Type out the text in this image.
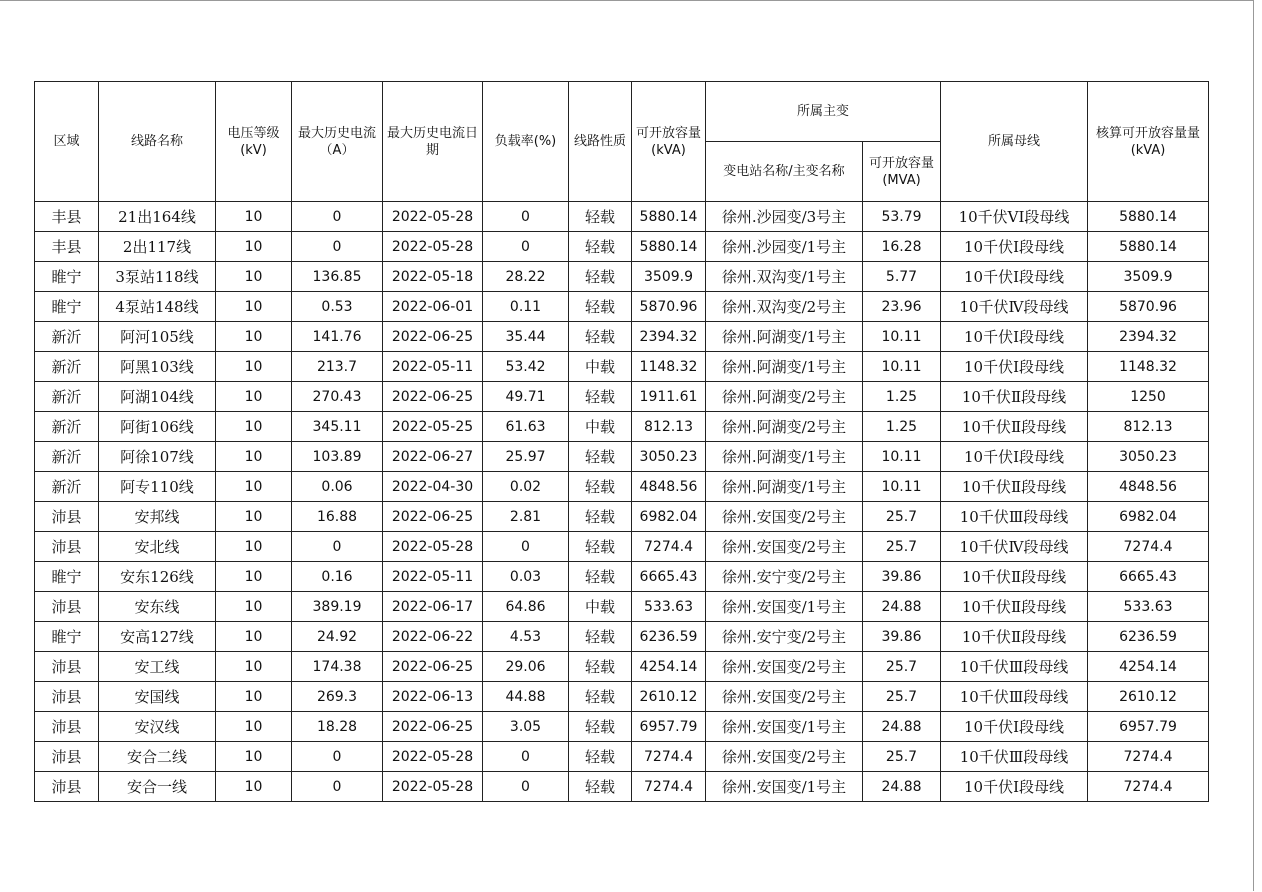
区域	线路名称	电压等级(kV)	最大历史电流（A）	最大历史电流日期	负载率(%)	线路性质	可开放容量(kVA)	所属主变		所属母线	核算可开放容量量(kVA)
								变电站名称/主变名称	可开放容量(MVA)		
丰县	21出164线	10	0	2022-05-28	0	轻载	5880.14	徐州.沙园变/3号主	53.79	10千伏VI段母线	5880.14
丰县	2出117线	10	0	2022-05-28	0	轻载	5880.14	徐州.沙园变/1号主	16.28	10千伏Ⅰ段母线	5880.14
睢宁	3泵站118线	10	136.85	2022-05-18	28.22	轻载	3509.9	徐州.双沟变/1号主	5.77	10千伏Ⅰ段母线	3509.9
睢宁	4泵站148线	10	0.53	2022-06-01	0.11	轻载	5870.96	徐州.双沟变/2号主	23.96	10千伏Ⅳ段母线	5870.96
新沂	阿河105线	10	141.76	2022-06-25	35.44	轻载	2394.32	徐州.阿湖变/1号主	10.11	10千伏Ⅰ段母线	2394.32
新沂	阿黑103线	10	213.7	2022-05-11	53.42	中载	1148.32	徐州.阿湖变/1号主	10.11	10千伏Ⅰ段母线	1148.32
新沂	阿湖104线	10	270.43	2022-06-25	49.71	轻载	1911.61	徐州.阿湖变/2号主	1.25	10千伏Ⅱ段母线	1250
新沂	阿街106线	10	345.11	2022-05-25	61.63	中载	812.13	徐州.阿湖变/2号主	1.25	10千伏Ⅱ段母线	812.13
新沂	阿徐107线	10	103.89	2022-06-27	25.97	轻载	3050.23	徐州.阿湖变/1号主	10.11	10千伏Ⅰ段母线	3050.23
新沂	阿专110线	10	0.06	2022-04-30	0.02	轻载	4848.56	徐州.阿湖变/1号主	10.11	10千伏Ⅱ段母线	4848.56
沛县	安邦线	10	16.88	2022-06-25	2.81	轻载	6982.04	徐州.安国变/2号主	25.7	10千伏Ⅲ段母线	6982.04
沛县	安北线	10	0	2022-05-28	0	轻载	7274.4	徐州.安国变/2号主	25.7	10千伏Ⅳ段母线	7274.4
睢宁	安东126线	10	0.16	2022-05-11	0.03	轻载	6665.43	徐州.安宁变/2号主	39.86	10千伏Ⅱ段母线	6665.43
沛县	安东线	10	389.19	2022-06-17	64.86	中载	533.63	徐州.安国变/1号主	24.88	10千伏Ⅱ段母线	533.63
睢宁	安高127线	10	24.92	2022-06-22	4.53	轻载	6236.59	徐州.安宁变/2号主	39.86	10千伏Ⅱ段母线	6236.59
沛县	安工线	10	174.38	2022-06-25	29.06	轻载	4254.14	徐州.安国变/2号主	25.7	10千伏Ⅲ段母线	4254.14
沛县	安国线	10	269.3	2022-06-13	44.88	轻载	2610.12	徐州.安国变/2号主	25.7	10千伏Ⅲ段母线	2610.12
沛县	安汉线	10	18.28	2022-06-25	3.05	轻载	6957.79	徐州.安国变/1号主	24.88	10千伏Ⅰ段母线	6957.79
沛县	安合二线	10	0	2022-05-28	0	轻载	7274.4	徐州.安国变/2号主	25.7	10千伏Ⅲ段母线	7274.4
沛县	安合一线	10	0	2022-05-28	0	轻载	7274.4	徐州.安国变/1号主	24.88	10千伏Ⅰ段母线	7274.4
